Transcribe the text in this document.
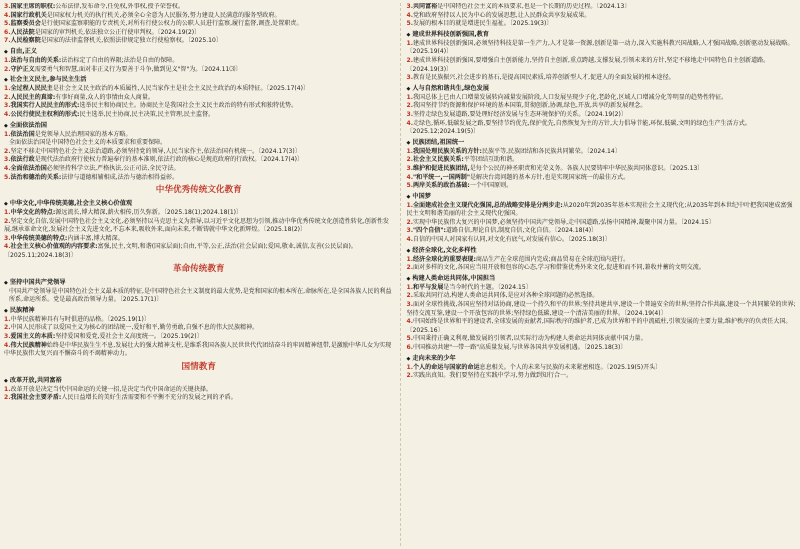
3.国家主席的职权:公布法律,发布命令,任免权,外事权,授予荣誉权。

4.国家行政机关是国家权力机关的执行机关,必须全心全意为人民服务,努力建设人民满意的服务型政府。

5.监察委员会是行使国家监察职能的专责机关,对所有行使公权力的公职人员进行监察,履行监督,调查,处置职责。

6.人民法院是国家的审判机关,依法独立公正行使审判权。〔2024.19(2)〕

7.人民检察院是国家的法律监督机关,依照法律规定独立行使检察权。〔2025.10〕

◆ 自由,正义

1.法治与自由的关系:法治标定了自由的界限;法治是自由的保障。

2.守护正义需要勇气和智慧,面对非正义行为要善于斗争,做到见义"智"为。〔2024.11⑶〕

◆ 社会主义民主,参与民主生活

1.全过程人民民主是社会主义民主政治的本质属性,人民当家作主是社会主义民主政治的本质特征。〔2025.17(4)〕

2.人民民主的真谛:有事好商量,众人的事情由众人商量。

3.我国实行人民民主的形式:选举民主和协商民主。协商民主是我国社会主义民主政治的特有形式和独特优势。

4.公民行使民主权利的形式:民主选举,民主协商,民主决策,民主管理,民主监督。

◆ 全面依法治国

1.依法治国是党领导人民治理国家的基本方略。

全面依法治国是中国特色社会主义的本质要求和重要保障。

2.坚定不移走中国特色社会主义法治道路,必须坚持党的领导,人民当家作主,依法治国有机统一。〔2024.17(3)〕

3.依法行政是现代法治政府行使权力普遍奉行的基本准则,依法行政的核心是规范政府的行政权。〔2024.17(4)〕

4.全面依法治国必须坚持科学立法,严格执法,公正司法,全民守法。

5.法治和德治的关系:法律与道德相辅相成,法治与德治相得益彰。

中华优秀传统文化教育

◆ 中华文化,中华传统美德,社会主义核心价值观

1.中华文化的特点:源远流长,博大精深,薪火相传,历久弥新。〔2025.18(1);2024.18(1)〕

2.坚定文化自信,发展中国特色社会主义文化,必须坚持以马克思主义为指导,以习近平文化思想为引领,推动中华优秀传统文化创造性转化,创新性发展,继承革命文化,发展社会主义先进文化,不忘本来,吸收外来,面向未来,不断铸就中华文化新辉煌。〔2025.18(2)〕

3.中华传统美德的特点:内涵丰富,博大精深。

4.社会主义核心价值观的内容要求:富强,民主,文明,和谐(国家层面);自由,平等,公正,法治(社会层面);爱国,敬业,诚信,友善(公民层面)。〔2025.11;2024.18(3)〕

革命传统教育

◆ 坚持中国共产党领导

中国共产党领导是中国特色社会主义最本质的特征,是中国特色社会主义制度的最大优势,是党和国家的根本所在,命脉所在,是全国各族人民的利益所系,命运所系。党是最高政治领导力量。〔2025.17(1)〕

◆ 民族精神

1.中华民族精神具有与时俱进的品格。〔2025.19(1)〕

2.中国人民形成了以爱国主义为核心的团结统一,爱好和平,勤劳勇敢,自强不息的伟大民族精神。

3.爱国主义的本质:坚持爱国和爱党,爱社会主义高度统一。〔2025.19(2)〕

4.伟大民族精神始终是中华民族生生不息,发展壮大的强大精神支柱,是维系我国各族人民世世代代团结奋斗的牢固精神纽带,是激励中华儿女为实现中华民族伟大复兴而不懈奋斗的不竭精神动力。

国情教育

◆ 改革开放,共同富裕

1.改革开放是决定当代中国命运的关键一招,是决定当代中国命运的关键抉择。

2.我国社会主要矛盾:人民日益增长的美好生活需要和不平衡不充分的发展之间的矛盾。

3.共同富裕是中国特色社会主义的本质要求,也是一个长期的历史过程。〔2024.13〕

4.党和政府坚持以人民为中心的发展思想,让人民群众共享发展成果。

5.发展的根本目的就是增进民生福祉。〔2025.19(3)〕

◆ 建成世界科技创新强国,教育

1.建成世界科技创新强国,必须坚持科技是第一生产力,人才是第一资源,创新是第一动力,深入实施科教兴国战略,人才强国战略,创新驱动发展战略。〔2025.19(4)〕

2.建成世界科技创新强国,要增强自主创新能力,坚持自主创新,重点跨越,支撑发展,引领未来的方针,坚定不移地走中国特色自主创新道路。〔2024.19(3)〕

3.教育是民族振兴,社会进步的基石,是提高国民素质,培养创新型人才,促进人的全面发展的根本途径。

◆ 人与自然和谐共生,绿色发展

1.我国总体上已由人口增量发展转向减量发展阶段,人口发展呈现少子化,老龄化,区域人口增减分化等明显的趋势性特征。

2.我国坚持节约资源和保护环境的基本国策,贯彻创新,协调,绿色,开放,共享的新发展理念。

3.坚持走绿色发展道路,要处理好经济发展与生态环境保护的关系。〔2024.19(2)〕

4.走绿色,循环,低碳发展之路,要坚持节约优先,保护优先,自然恢复为主的方针,大力倡导节能,环保,低碳,文明的绿色生产生活方式。〔2025.12;2024.19(5)〕

◆ 民族团结,祖国统一

1.我国处理民族关系的方针:民族平等,民族团结和各民族共同繁荣。〔2024.14〕

2.社会主义民族关系:平等团结互助和谐。

3.维护和促进民族团结,是每个公民的神圣职责和光荣义务。各族人民要铸牢中华民族共同体意识。〔2025.13〕

4."和平统一,一国两制"是解决台湾问题的基本方针,也是实现国家统一的最佳方式。

5.两岸关系的政治基础:一个中国原则。

◆ 中国梦

1.全面建成社会主义现代化强国,总的战略安排是分两步走:从2020年到2035年基本实现社会主义现代化;从2035年到本世纪中叶把我国建成富强民主文明和谐美丽的社会主义现代化强国。

2.实现中华民族伟大复兴的中国梦,必须坚持中国共产党领导,走中国道路,弘扬中国精神,凝聚中国力量。〔2024.15〕

3."四个自信":道路自信,理论自信,制度自信,文化自信。〔2024.18(4)〕

4.自信的中国人对国家有认同,对文化有底气,对发展有信心。〔2025.18(3)〕

◆ 经济全球化,文化多样性

1.经济全球化的重要表现:商品生产在全球范围内完成;商品贸易在全球范围内进行。

2.面对多样的文化,各国应当用开放和包容的心态,学习和借鉴优秀外来文化,促进和而不同,兼收并蓄的文明交流。

◆ 构建人类命运共同体,中国担当

1.和平与发展是当今时代的主题。〔2024.15〕

2.采取共同行动,构建人类命运共同体,是应对各种全球问题的必然选择。

3.面对全球性挑战,各国应坚持对话协商,建设一个持久和平的世界;坚持共建共享,建设一个普遍安全的世界;坚持合作共赢,建设一个共同繁荣的世界;坚持交流互鉴,建设一个开放包容的世界;坚持绿色低碳,建设一个清洁美丽的世界。〔2024.19(4)〕

4.中国始终是世界和平的建设者,全球发展的贡献者,国际秩序的维护者,已成为世界和平的中流砥柱,引领发展的主要力量,维护秩序的负责任大国。〔2025.16〕

5.中国秉持正确义利观,做发展的引领者,以实际行动为构建人类命运共同体贡献中国力量。

6.中国推动共建"一带一路"高质量发展,与世界各国共享发展机遇。〔2025.18(3)〕

◆ 走向未来的少年

1.个人的命运与国家的命运息息相关。个人的未来与民族的未来紧密相连。〔2025.19(5)开头〕

2.实践出真知。我们要坚持在实践中学习,努力做到知行合一。
